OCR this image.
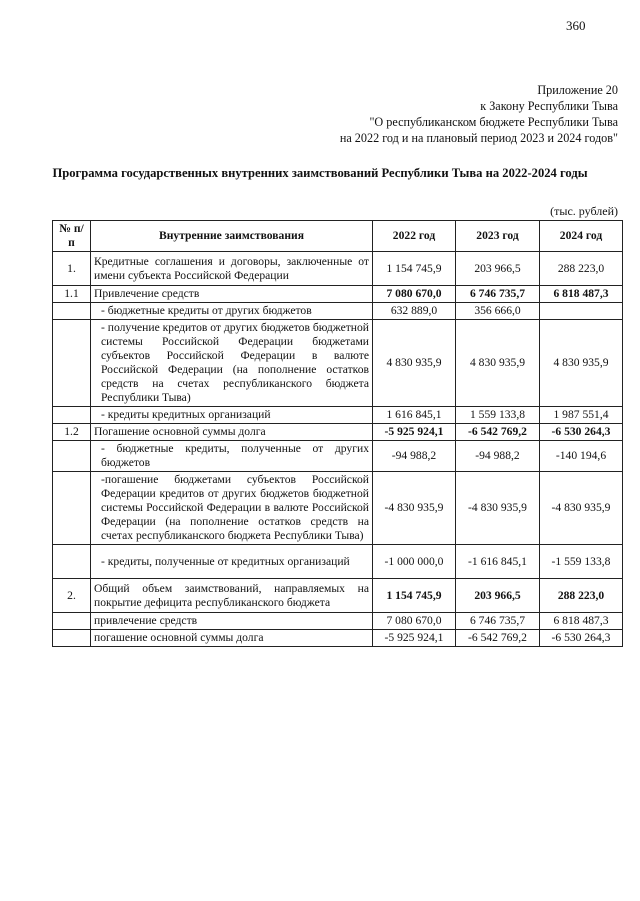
360
Приложение 20
к Закону Республики Тыва
"О республиканском бюджете Республики Тыва
на 2022 год и на плановый период 2023 и 2024 годов"
Программа государственных внутренних заимствований Республики Тыва на 2022-2024 годы
(тыс. рублей)
№ п/п	Внутренние заимствования	2022 год	2023 год	2024 год
1.	Кредитные соглашения и договоры, заключенные от имени субъекта Российской Федерации	1 154 745,9	203 966,5	288 223,0
1.1	Привлечение средств	7 080 670,0	6 746 735,7	6 818 487,3
	- бюджетные кредиты от других бюджетов	632 889,0	356 666,0	
	- получение кредитов от других бюджетов бюджетной системы Российской Федерации бюджетами субъектов Российской Федерации в валюте Российской Федерации (на пополнение остатков средств на счетах республиканского бюджета Республики Тыва)	4 830 935,9	4 830 935,9	4 830 935,9
	- кредиты кредитных организаций	1 616 845,1	1 559 133,8	1 987 551,4
1.2	Погашение основной суммы долга	-5 925 924,1	-6 542 769,2	-6 530 264,3
	- бюджетные кредиты, полученные от других бюджетов	-94 988,2	-94 988,2	-140 194,6
	-погашение бюджетами субъектов Российской Федерации кредитов от других бюджетов бюджетной системы Российской Федерации в валюте Российской Федерации (на пополнение остатков средств на счетах республиканского бюджета Республики Тыва)	-4 830 935,9	-4 830 935,9	-4 830 935,9
	- кредиты, полученные от кредитных организаций	-1 000 000,0	-1 616 845,1	-1 559 133,8
2.	Общий объем заимствований, направляемых на покрытие дефицита республиканского бюджета	1 154 745,9	203 966,5	288 223,0
	привлечение средств	7 080 670,0	6 746 735,7	6 818 487,3
	погашение основной суммы долга	-5 925 924,1	-6 542 769,2	-6 530 264,3
